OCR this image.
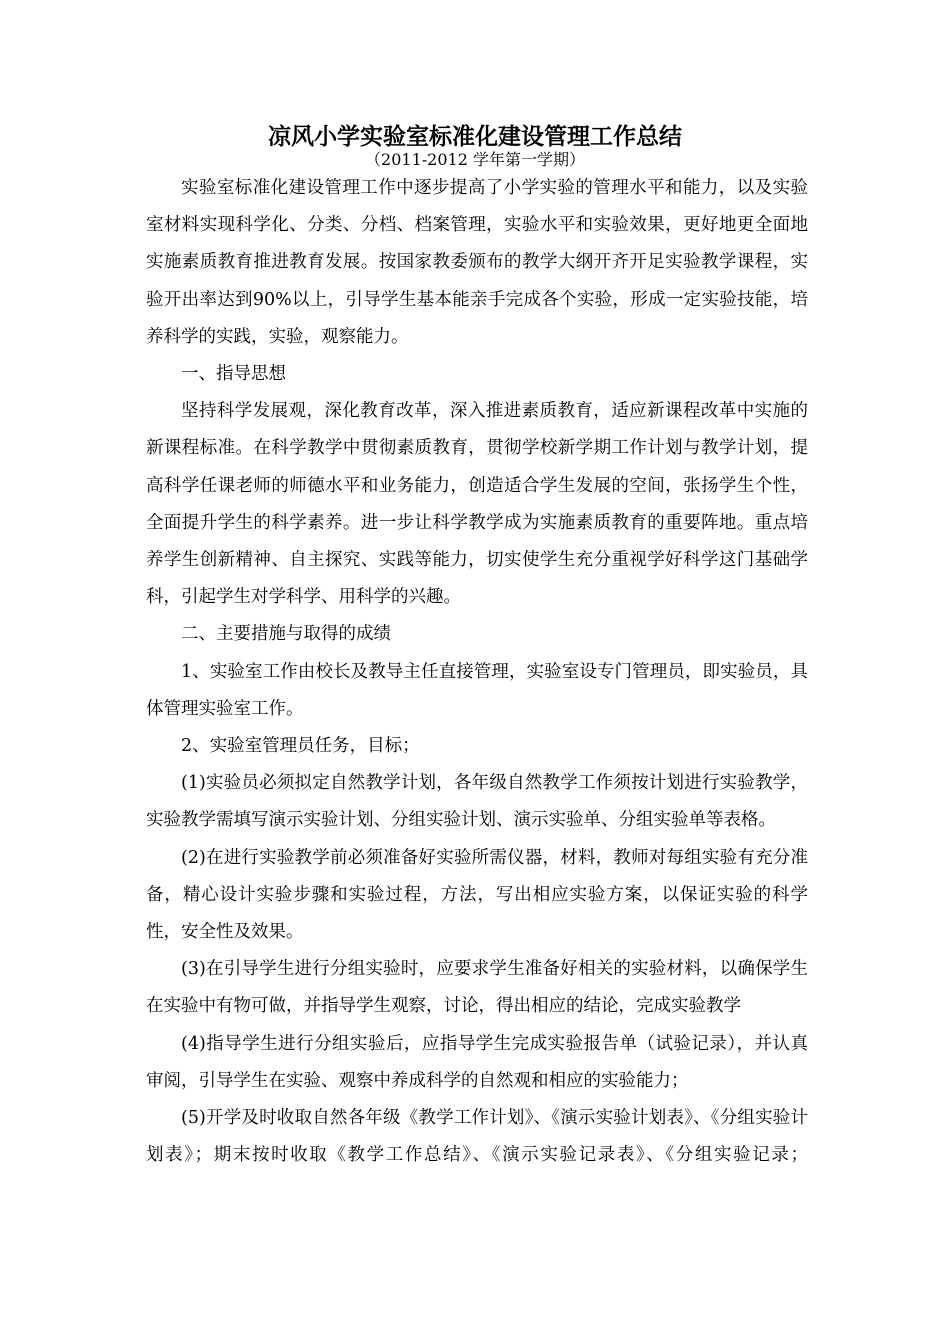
凉风小学实验室标准化建设管理工作总结
（2011-2012 学年第一学期）

实验室标准化建设管理工作中逐步提高了小学实验的管理水平和能力，以及实验室材料实现科学化、分类、分档、档案管理，实验水平和实验效果，更好地更全面地实施素质教育推进教育发展。按国家教委颁布的教学大纲开齐开足实验教学课程，实验开出率达到90%以上，引导学生基本能亲手完成各个实验，形成一定实验技能，培养科学的实践，实验，观察能力。

一、指导思想

坚持科学发展观，深化教育改革，深入推进素质教育，适应新课程改革中实施的新课程标准。在科学教学中贯彻素质教育，贯彻学校新学期工作计划与教学计划，提高科学任课老师的师德水平和业务能力，创造适合学生发展的空间，张扬学生个性，全面提升学生的科学素养。进一步让科学教学成为实施素质教育的重要阵地。重点培养学生创新精神、自主探究、实践等能力，切实使学生充分重视学好科学这门基础学科，引起学生对学科学、用科学的兴趣。

二、主要措施与取得的成绩

1、实验室工作由校长及教导主任直接管理，实验室设专门管理员，即实验员，具体管理实验室工作。

2、实验室管理员任务，目标；

(1)实验员必须拟定自然教学计划，各年级自然教学工作须按计划进行实验教学，实验教学需填写演示实验计划、分组实验计划、演示实验单、分组实验单等表格。

(2)在进行实验教学前必须准备好实验所需仪器，材料，教师对每组实验有充分准备，精心设计实验步骤和实验过程，方法，写出相应实验方案，以保证实验的科学性，安全性及效果。

(3)在引导学生进行分组实验时，应要求学生准备好相关的实验材料，以确保学生在实验中有物可做，并指导学生观察，讨论，得出相应的结论，完成实验教学

(4)指导学生进行分组实验后，应指导学生完成实验报告单（试验记录），并认真审阅，引导学生在实验、观察中养成科学的自然观和相应的实验能力；

(5)开学及时收取自然各年级《教学工作计划》、《演示实验计划表》、《分组实验计划表》；期末按时收取《教学工作总结》、《演示实验记录表》、《分组实验记录；
